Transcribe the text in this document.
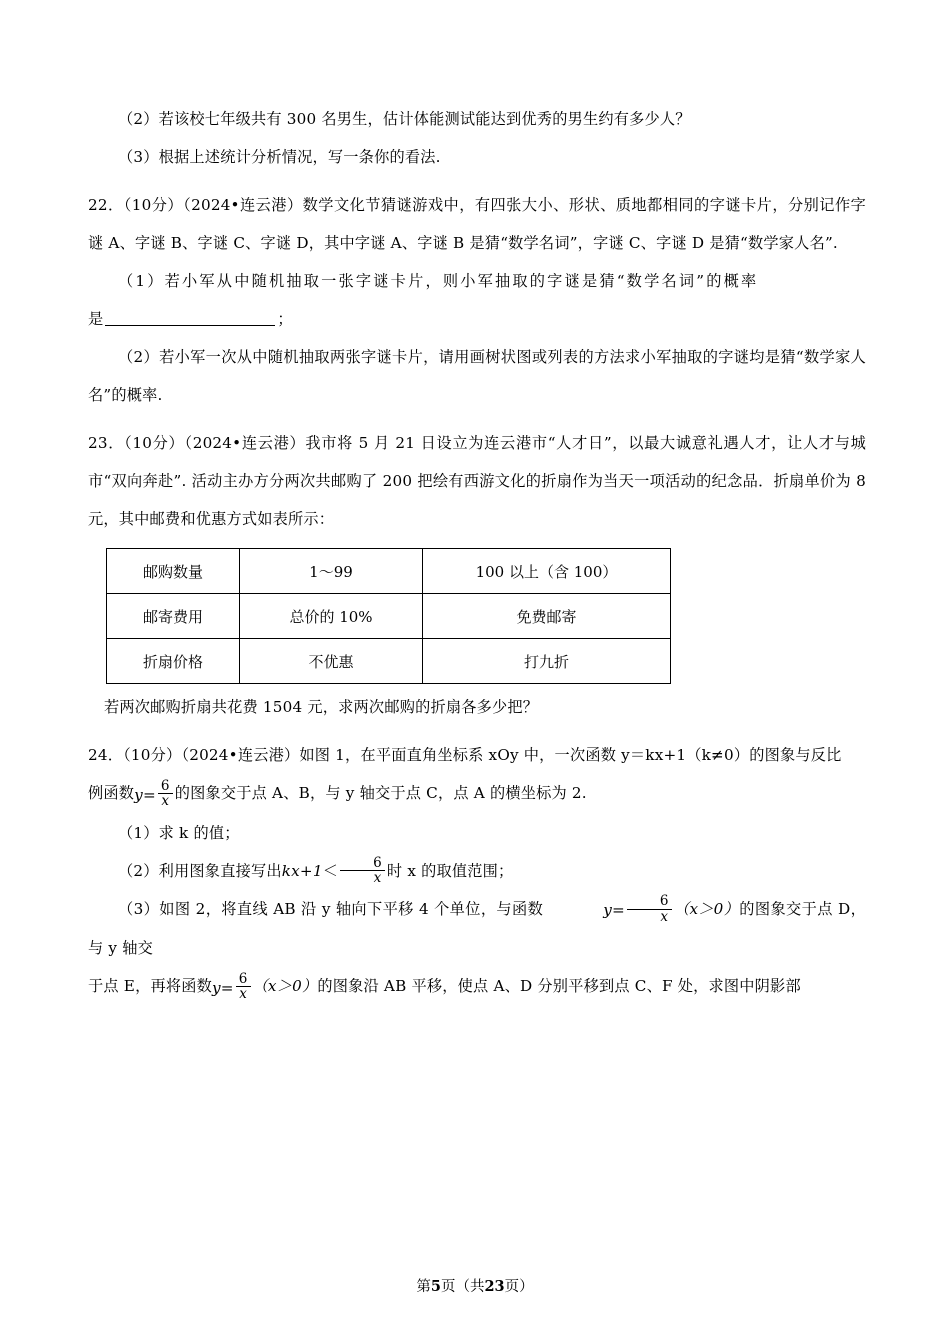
（2）若该校七年级共有 300 名男生，估计体能测试能达到优秀的男生约有多少人？

（3）根据上述统计分析情况，写一条你的看法.

22．（10分）（2024•连云港）数学文化节猜谜游戏中，有四张大小、形状、质地都相同的字谜卡片，分别记作字谜 A、字谜 B、字谜 C、字谜 D，其中字谜 A、字谜 B 是猜“数学名词”，字谜 C、字谜 D 是猜“数学家人名”.

（1）若小军从中随机抽取一张字谜卡片，则小军抽取的字谜是猜“数学名词”的概率

是	；

（2）若小军一次从中随机抽取两张字谜卡片，请用画树状图或列表的方法求小军抽取的字谜均是猜“数学家人名”的概率.

23．（10分）（2024•连云港）我市将 5 月 21 日设立为连云港市“人才日”，以最大诚意礼遇人才，让人才与城市“双向奔赴”. 活动主办方分两次共邮购了 200 把绘有西游文化的折扇作为当天一项活动的纪念品．折扇单价为 8 元，其中邮费和优惠方式如表所示：

邮购数量	1～99	100 以上（含 100）
邮寄费用	总价的 10%	免费邮寄
折扇价格	不优惠	打九折

若两次邮购折扇共花费 1504 元，求两次邮购的折扇各多少把？

24．（10分）（2024•连云港）如图 1，在平面直角坐标系 xOy 中，一次函数 y＝kx+1（k≠0）的图象与反比

例函数$y= \frac{6}{x}$ 的图象交于点 A、B，与 y 轴交于点 C，点 A 的横坐标为 2.

（1）求 k 的值；

（2）利用图象直接写出$kx+1< \frac{6}{x}$ 时 x 的取值范围；

（3）如图 2，将直线 AB 沿 y 轴向下平移 4 个单位，与函数	$y= \frac{6}{x} (x>0)$的图象交于点 D，与 y 轴交

于点 E，再将函数$y= \frac{6}{x} (x>0)$的图象沿 AB 平移，使点 A、D 分别平移到点 C、F 处，求图中阴影部

第5页（共23页）
